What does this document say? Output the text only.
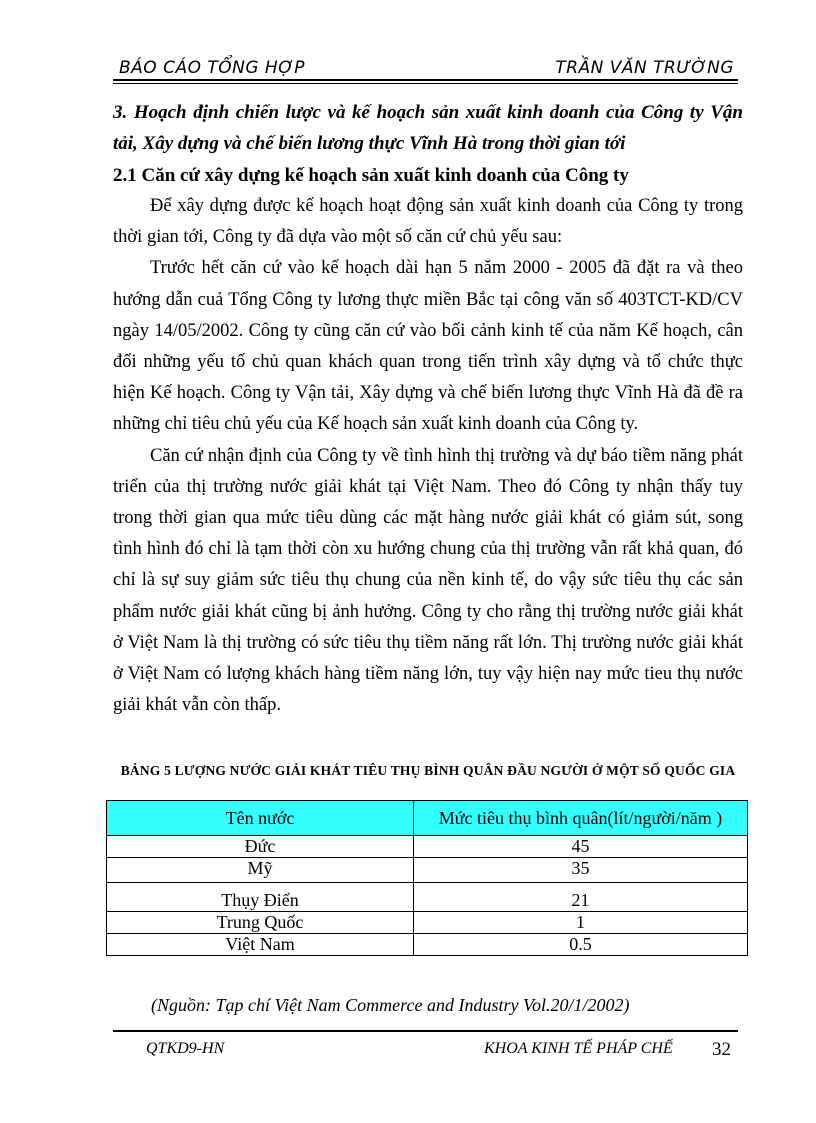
BÁO CÁO TỔNG HỢP	TRẦN VĂN TRƯỜNG

3. Hoạch định chiến lược và kế hoạch sản xuất kinh doanh của Công ty Vận tải, Xây dựng và chế biến lương thực Vĩnh Hà trong thời gian tới

2.1 Căn cứ xây dựng kế hoạch sản xuất kinh doanh của Công ty

Để xây dựng được kế hoạch hoạt động sản xuất kinh doanh của Công ty trong thời gian tới, Công ty đã dựa vào một số căn cứ chủ yếu sau:

Trước hết căn cứ vào kế hoạch dài hạn 5 năm 2000 - 2005 đã đặt ra và theo hướng dẫn cuả Tổng Công ty lương thực miền Bắc tại công văn số 403TCT-KD/CV ngày 14/05/2002. Công ty cũng căn cứ vào bối cảnh kinh tế của năm Kế hoạch, cân đối những yếu tố chủ quan khách quan trong tiến trình xây dựng và tổ chức thực hiện Kế hoạch. Công ty Vận tải, Xây dựng và chế biến lương thực Vĩnh Hà đã đề ra những chỉ tiêu chủ yếu của Kế hoạch sản xuất kinh doanh của Công ty.

Căn cứ nhận định của Công ty về tình hình thị trường và dự báo tiềm năng phát triển của thị trường nước giải khát tại Việt Nam. Theo đó Công ty nhận thấy tuy trong thời gian qua mức tiêu dùng các mặt hàng nước giải khát có giảm sút, song tình hình đó chỉ là tạm thời còn xu hướng chung của thị trường vẫn rất khả quan, đó chỉ là sự suy giảm sức tiêu thụ chung của nền kinh tế, do vậy sức tiêu thụ các sản phẩm nước giải khát cũng bị ảnh hưởng. Công ty cho rằng thị trường nước giải khát ở Việt Nam là thị trường có sức tiêu thụ tiềm năng rất lớn. Thị trường nước giải khát ở Việt Nam có lượng khách hàng tiềm năng lớn, tuy vậy hiện nay mức tieu thụ nước giải khát vẫn còn thấp.

BẢNG 5 LƯỢNG NƯỚC GIẢI KHÁT TIÊU THỤ BÌNH QUÂN ĐẦU NGƯỜI Ở MỘT SỐ QUỐC GIA
Tên nước	Mức tiêu thụ bình quân(lít/người/năm )
Đức	45
Mỹ	35
Thụy Điển	21
Trung Quốc	1
Việt Nam	0.5
(Nguồn: Tạp chí Việt Nam Commerce and Industry Vol.20/1/2002)
QTKD9-HN	KHOA KINH TẾ PHÁP CHẾ 32
